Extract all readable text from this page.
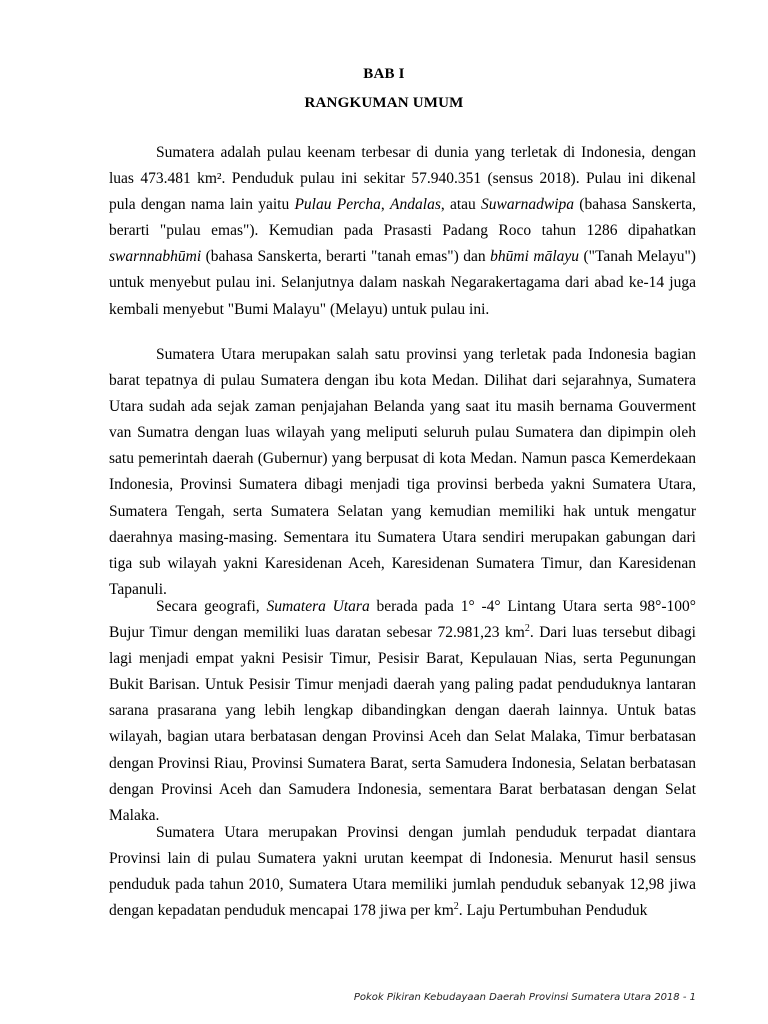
BAB I
RANGKUMAN UMUM

Sumatera adalah pulau keenam terbesar di dunia yang terletak di Indonesia, dengan luas 473.481 km². Penduduk pulau ini sekitar 57.940.351 (sensus 2018). Pulau ini dikenal pula dengan nama lain yaitu Pulau Percha, Andalas, atau Suwarnadwipa (bahasa Sanskerta, berarti "pulau emas"). Kemudian pada Prasasti Padang Roco tahun 1286 dipahatkan swarnnabhūmi (bahasa Sanskerta, berarti "tanah emas") dan bhūmi mālayu ("Tanah Melayu") untuk menyebut pulau ini. Selanjutnya dalam naskah Negarakertagama dari abad ke-14 juga kembali menyebut "Bumi Malayu" (Melayu) untuk pulau ini.

Sumatera Utara merupakan salah satu provinsi yang terletak pada Indonesia bagian barat tepatnya di pulau Sumatera dengan ibu kota Medan. Dilihat dari sejarahnya, Sumatera Utara sudah ada sejak zaman penjajahan Belanda yang saat itu masih bernama Gouverment van Sumatra dengan luas wilayah yang meliputi seluruh pulau Sumatera dan dipimpin oleh satu pemerintah daerah (Gubernur) yang berpusat di kota Medan. Namun pasca Kemerdekaan Indonesia, Provinsi Sumatera dibagi menjadi tiga provinsi berbeda yakni Sumatera Utara, Sumatera Tengah, serta Sumatera Selatan yang kemudian memiliki hak untuk mengatur daerahnya masing-masing. Sementara itu Sumatera Utara sendiri merupakan gabungan dari tiga sub wilayah yakni Karesidenan Aceh, Karesidenan Sumatera Timur, dan Karesidenan Tapanuli.

Secara geografi, Sumatera Utara berada pada 1° -4° Lintang Utara serta 98°-100° Bujur Timur dengan memiliki luas daratan sebesar 72.981,23 $km^2$. Dari luas tersebut dibagi lagi menjadi empat yakni Pesisir Timur, Pesisir Barat, Kepulauan Nias, serta Pegunungan Bukit Barisan. Untuk Pesisir Timur menjadi daerah yang paling padat penduduknya lantaran sarana prasarana yang lebih lengkap dibandingkan dengan daerah lainnya. Untuk batas wilayah, bagian utara berbatasan dengan Provinsi Aceh dan Selat Malaka, Timur berbatasan dengan Provinsi Riau, Provinsi Sumatera Barat, serta Samudera Indonesia, Selatan berbatasan dengan Provinsi Aceh dan Samudera Indonesia, sementara Barat berbatasan dengan Selat Malaka.

Sumatera Utara merupakan Provinsi dengan jumlah penduduk terpadat diantara Provinsi lain di pulau Sumatera yakni urutan keempat di Indonesia. Menurut hasil sensus penduduk pada tahun 2010, Sumatera Utara memiliki jumlah penduduk sebanyak 12,98 jiwa dengan kepadatan penduduk mencapai 178 jiwa per $km^2$. Laju Pertumbuhan Penduduk

Pokok Pikiran Kebudayaan Daerah Provinsi Sumatera Utara 2018 - 1
